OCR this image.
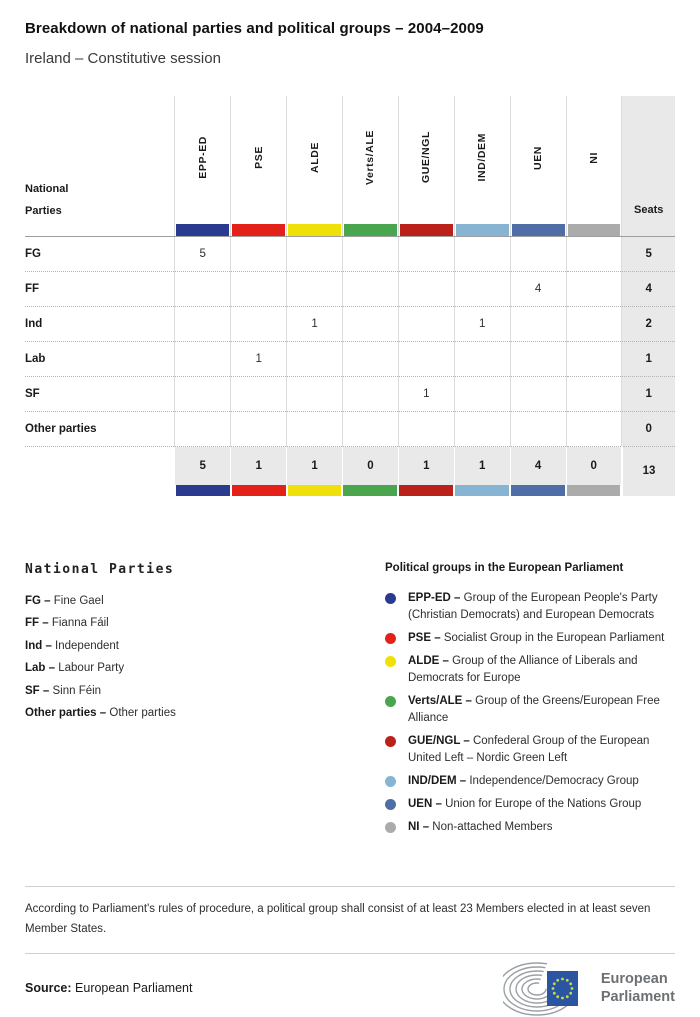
Breakdown of national parties and political groups – 2004–2009
Ireland – Constitutive session
National Parties	EPP-ED	PSE	ALDE	Verts/ALE	GUE/NGL	IND/DEM	UEN	NI	Seats

FG	5								5
FF							4		4
Ind			1			1			2
Lab		1							1
SF					1				1
Other parties									0
	5	1	1	0	1	1	4	0	13

National Parties
FG – Fine Gael
FF – Fianna Fáil
Ind – Independent
Lab – Labour Party
SF – Sinn Féin
Other parties – Other parties
Political groups in the European Parliament
EPP-ED – Group of the European People's Party (Christian Democrats) and European Democrats
PSE – Socialist Group in the European Parliament
ALDE – Group of the Alliance of Liberals and Democrats for Europe
Verts/ALE – Group of the Greens/European Free Alliance
GUE/NGL – Confederal Group of the European United Left – Nordic Green Left
IND/DEM – Independence/Democracy Group
UEN – Union for Europe of the Nations Group
NI – Non-attached Members

According to Parliament's rules of procedure, a political group shall consist of at least 23 Members elected in at least seven Member States.

Source: European Parliament
European
Parliament
